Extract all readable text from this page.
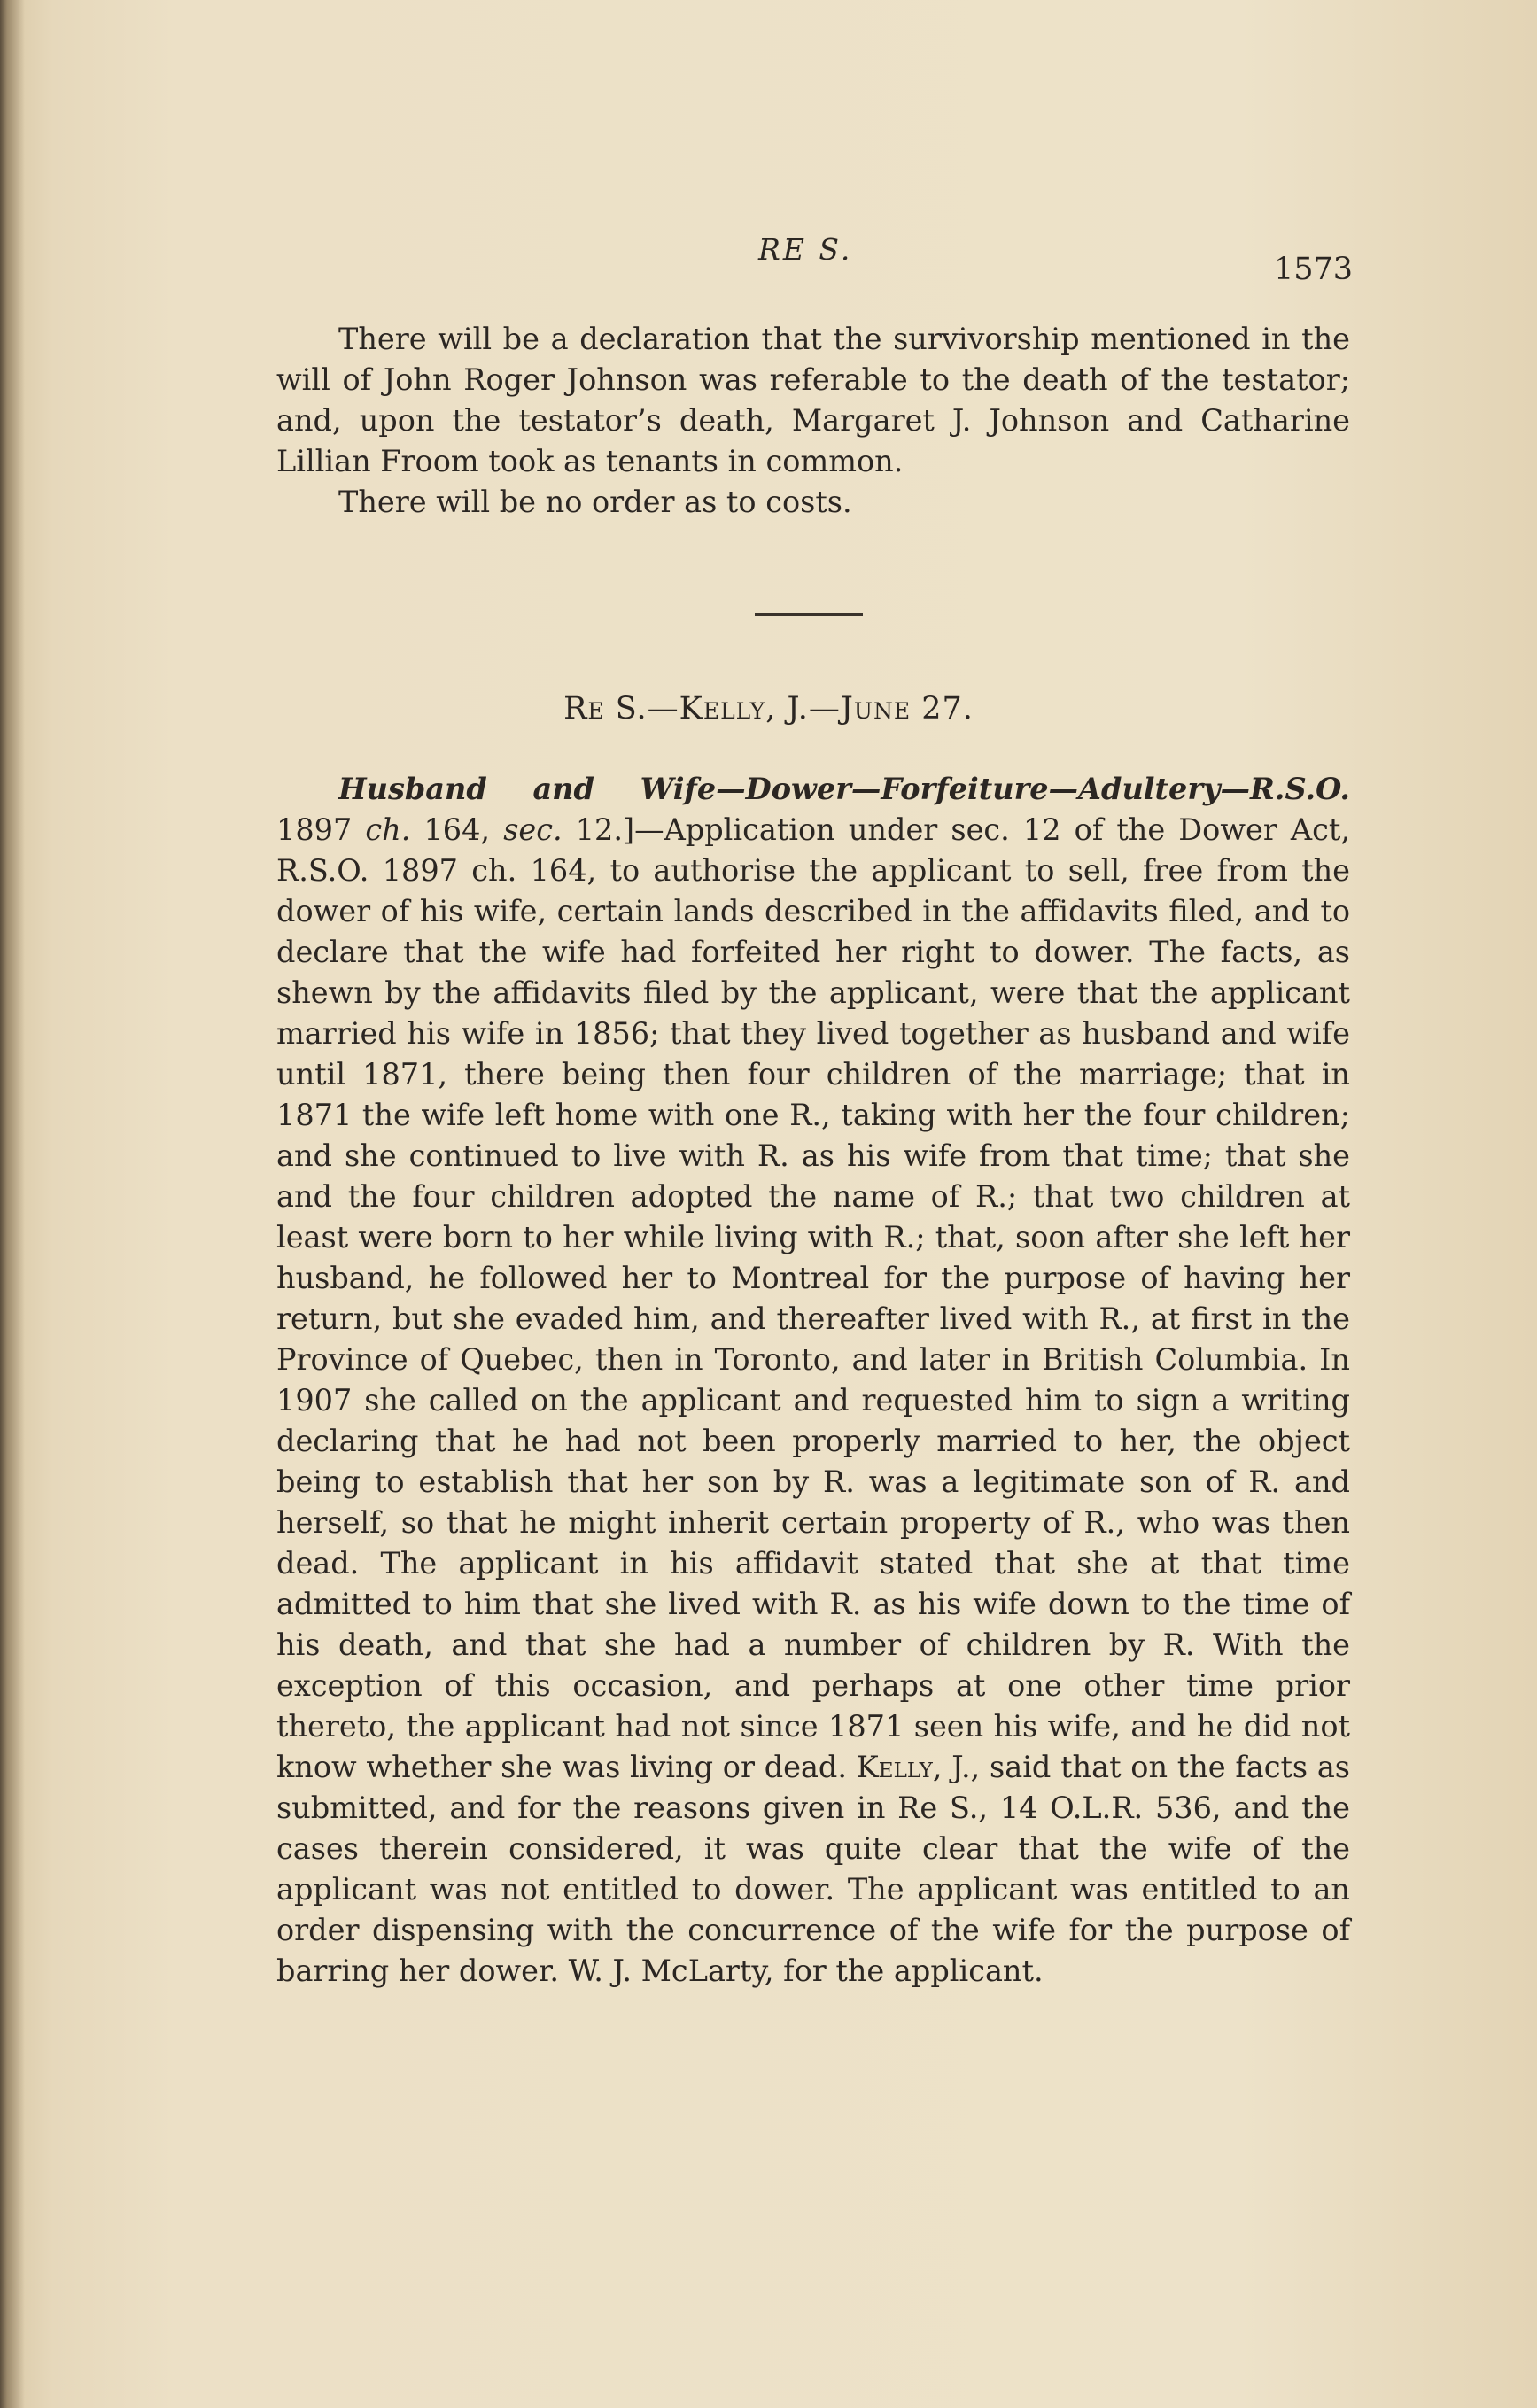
RE S.
1573

There will be a declaration that the survivorship mentioned in the will of John Roger Johnson was referable to the death of the testator; and, upon the testator’s death, Margaret J. Johnson and Catharine Lillian Froom took as tenants in common.

There will be no order as to costs.

Re S.—Kelly, J.—June 27.

Husband and Wife—Dower—Forfeiture—Adultery—R.S.O. 1897 ch. 164, sec. 12.]—Application under sec. 12 of the Dower Act, R.S.O. 1897 ch. 164, to authorise the applicant to sell, free from the dower of his wife, certain lands described in the affidavits filed, and to declare that the wife had forfeited her right to dower. The facts, as shewn by the affidavits filed by the applicant, were that the applicant married his wife in 1856; that they lived together as husband and wife until 1871, there being then four children of the marriage; that in 1871 the wife left home with one R., taking with her the four children; and she continued to live with R. as his wife from that time; that she and the four children adopted the name of R.; that two children at least were born to her while living with R.; that, soon after she left her husband, he followed her to Montreal for the purpose of having her return, but she evaded him, and thereafter lived with R., at first in the Province of Quebec, then in Toronto, and later in British Columbia. In 1907 she called on the applicant and requested him to sign a writing declaring that he had not been properly married to her, the object being to establish that her son by R. was a legitimate son of R. and herself, so that he might inherit certain property of R., who was then dead. The applicant in his affidavit stated that she at that time admitted to him that she lived with R. as his wife down to the time of his death, and that she had a number of children by R. With the exception of this occasion, and perhaps at one other time prior thereto, the applicant had not since 1871 seen his wife, and he did not know whether she was living or dead. Kelly, J., said that on the facts as submitted, and for the reasons given in Re S., 14 O.L.R. 536, and the cases therein considered, it was quite clear that the wife of the applicant was not entitled to dower. The applicant was entitled to an order dispensing with the concurrence of the wife for the purpose of barring her dower. W. J. McLarty, for the applicant.
